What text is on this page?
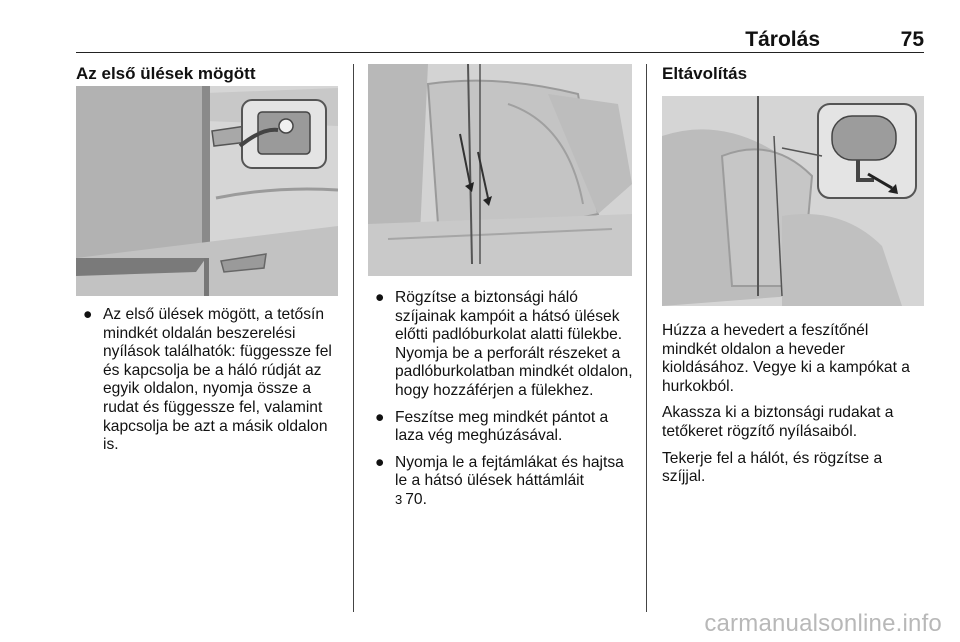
Tárolás	75
Az első ülések mögött
● Az első ülések mögött, a tetősín mindkét oldalán beszerelési nyílások találhatók: függessze fel és kapcsolja be a háló rúdját az egyik oldalon, nyomja össze a rudat és függessze fel, valamint kapcsolja be azt a másik oldalon is.
● Rögzítse a biztonsági háló szíjainak kampóit a hátsó ülések előtti padlóburkolat alatti fülekbe. Nyomja be a perforált részeket a padlóburkolatban mindkét oldalon, hogy hozzáférjen a fülekhez.
● Feszítse meg mindkét pántot a laza vég meghúzásával.
● Nyomja le a fejtámlákat és hajtsa le a hátsó ülések háttámláit
3 70.
Eltávolítás

Húzza a hevedert a feszítőnél mindkét oldalon a heveder kioldásához. Vegye ki a kampókat a hurkokból.

Akassza ki a biztonsági rudakat a tetőkeret rögzítő nyílásaiból.

Tekerje fel a hálót, és rögzítse a szíjjal.

carmanualsonline.info
